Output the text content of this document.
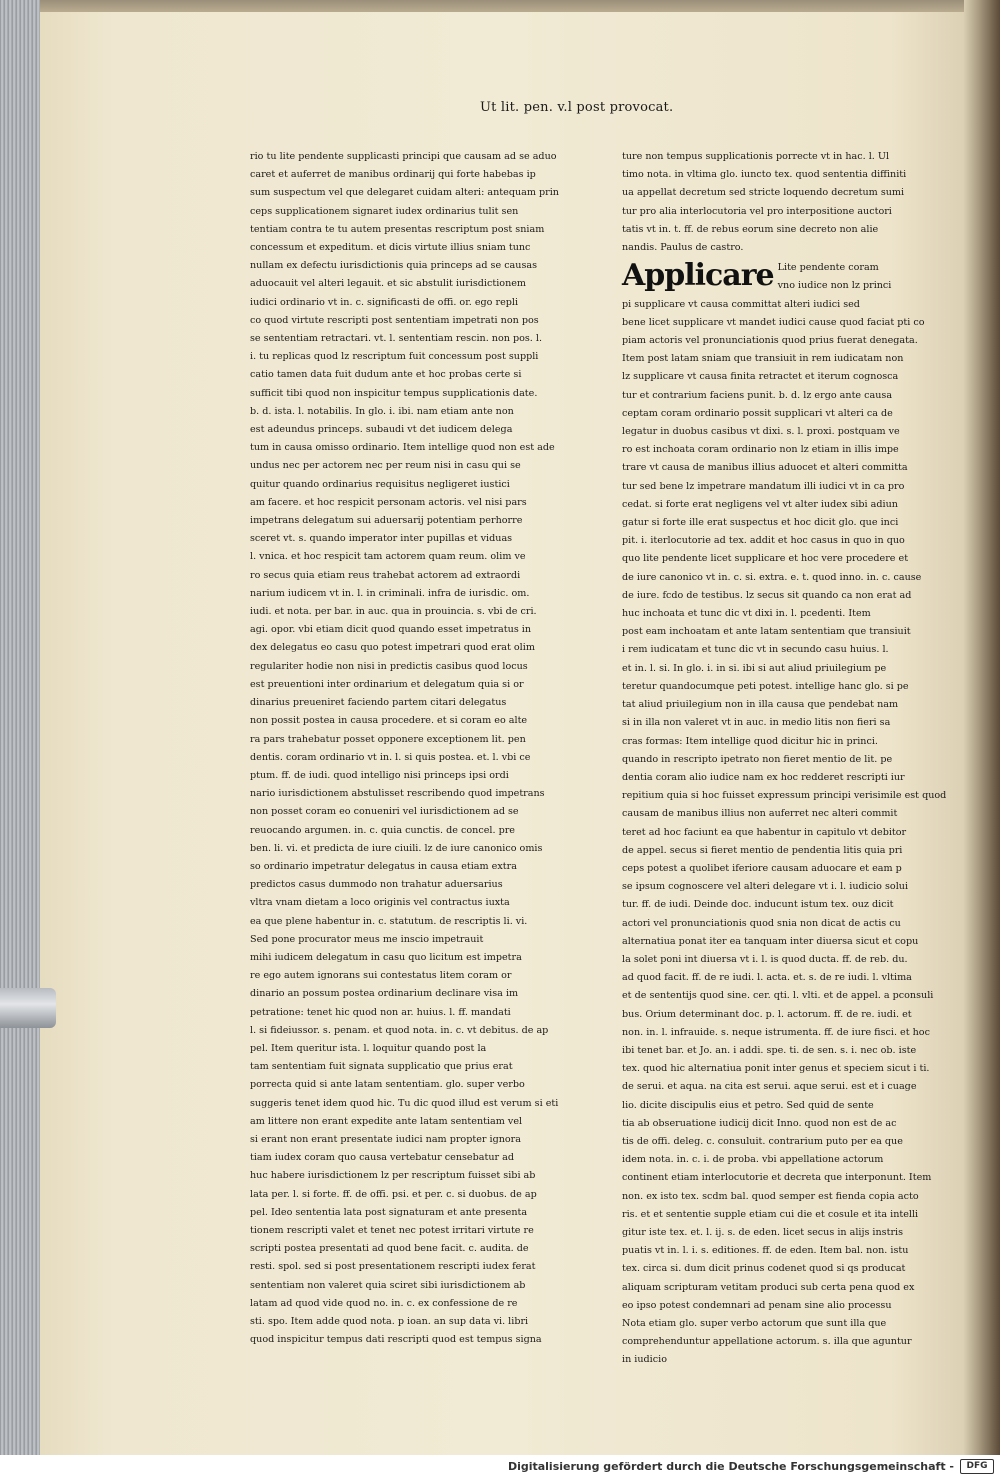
Ut lit. pen. v.l post provocat.

rio tu lite pendente supplicasti principi que causam ad se aduo

caret et auferret de manibus ordinarij qui forte habebas ip

sum suspectum vel que delegaret cuidam alteri: antequam prin

ceps supplicationem signaret iudex ordinarius tulit sen

tentiam contra te tu autem presentas rescriptum post sniam

concessum et expeditum. et dicis virtute illius sniam tunc

nullam ex defectu iurisdictionis quia princeps ad se causas

aduocauit vel alteri legauit. et sic abstulit iurisdictionem

iudici ordinario vt in. c. significasti de offi. or. ego repli

co quod virtute rescripti post sententiam impetrati non pos

se sententiam retractari. vt. l. sententiam rescin. non pos. l.

i. tu replicas quod lz rescriptum fuit concessum post suppli

catio tamen data fuit dudum ante et hoc probas certe si

sufficit tibi quod non inspicitur tempus supplicationis date.

b. d. ista. l. notabilis. In glo. i. ibi. nam etiam ante non

est adeundus princeps. subaudi vt det iudicem delega

tum in causa omisso ordinario. Item intellige quod non est ade

undus nec per actorem nec per reum nisi in casu qui se

quitur quando ordinarius requisitus negligeret iustici

am facere. et hoc respicit personam actoris. vel nisi pars

impetrans delegatum sui aduersarij potentiam perhorre

sceret vt. s. quando imperator inter pupillas et viduas

l. vnica. et hoc respicit tam actorem quam reum. olim ve

ro secus quia etiam reus trahebat actorem ad extraordi

narium iudicem vt in. l. in criminali. infra de iurisdic. om.

iudi. et nota. per bar. in auc. qua in prouincia. s. vbi de cri.

agi. opor. vbi etiam dicit quod quando esset impetratus in

dex delegatus eo casu quo potest impetrari quod erat olim

regulariter hodie non nisi in predictis casibus quod locus

est preuentioni inter ordinarium et delegatum quia si or

dinarius preueniret faciendo partem citari delegatus

non possit postea in causa procedere. et si coram eo alte

ra pars trahebatur posset opponere exceptionem lit. pen

dentis. coram ordinario vt in. l. si quis postea. et. l. vbi ce

ptum. ff. de iudi. quod intelligo nisi princeps ipsi ordi

nario iurisdictionem abstulisset rescribendo quod impetrans

non posset coram eo conueniri vel iurisdictionem ad se

reuocando argumen. in. c. quia cunctis. de concel. pre

ben. li. vi. et predicta de iure ciuili. lz de iure canonico omis

so ordinario impetratur delegatus in causa etiam extra

predictos casus dummodo non trahatur aduersarius

vltra vnam dietam a loco originis vel contractus iuxta

ea que plene habentur in. c. statutum. de rescriptis li. vi.

Sed pone procurator meus me inscio impetrauit

mihi iudicem delegatum in casu quo licitum est impetra

re ego autem ignorans sui contestatus litem coram or

dinario an possum postea ordinarium declinare visa im

petratione: tenet hic quod non ar. huius. l. ff. mandati

l. si fideiussor. s. penam. et quod nota. in. c. vt debitus. de ap

pel. Item queritur ista. l. loquitur quando post la

tam sententiam fuit signata supplicatio que prius erat

porrecta quid si ante latam sententiam. glo. super verbo

suggeris tenet idem quod hic. Tu dic quod illud est verum si eti

am littere non erant expedite ante latam sententiam vel

si erant non erant presentate iudici nam propter ignora

tiam iudex coram quo causa vertebatur censebatur ad

huc habere iurisdictionem lz per rescriptum fuisset sibi ab

lata per. l. si forte. ff. de offi. psi. et per. c. si duobus. de ap

pel. Ideo sententia lata post signaturam et ante presenta

tionem rescripti valet et tenet nec potest irritari virtute re

scripti postea presentati ad quod bene facit. c. audita. de

resti. spol. sed si post presentationem rescripti iudex ferat

sententiam non valeret quia sciret sibi iurisdictionem ab

latam ad quod vide quod no. in. c. ex confessione de re

sti. spo. Item adde quod nota. p ioan. an sup data vi. libri

quod inspicitur tempus dati rescripti quod est tempus signa

ture non tempus supplicationis porrecte vt in hac. l. Ul

timo nota. in vltima glo. iuncto tex. quod sententia diffiniti

ua appellat decretum sed stricte loquendo decretum sumi

tur pro alia interlocutoria vel pro interpositione auctori

tatis vt in. t. ff. de rebus eorum sine decreto non alie

nandis. Paulus de castro.

Applicare Lite pendente coram

vno iudice non lz princi

pi supplicare vt causa committat alteri iudici sed

bene licet supplicare vt mandet iudici cause quod faciat pti co

piam actoris vel pronunciationis quod prius fuerat denegata.

Item post latam sniam que transiuit in rem iudicatam non

lz supplicare vt causa finita retractet et iterum cognosca

tur et contrarium faciens punit. b. d. lz ergo ante causa

ceptam coram ordinario possit supplicari vt alteri ca de

legatur in duobus casibus vt dixi. s. l. proxi. postquam ve

ro est inchoata coram ordinario non lz etiam in illis impe

trare vt causa de manibus illius aduocet et alteri committa

tur sed bene lz impetrare mandatum illi iudici vt in ca pro

cedat. si forte erat negligens vel vt alter iudex sibi adiun

gatur si forte ille erat suspectus et hoc dicit glo. que inci

pit. i. iterlocutorie ad tex. addit et hoc casus in quo in quo

quo lite pendente licet supplicare et hoc vere procedere et

de iure canonico vt in. c. si. extra. e. t. quod inno. in. c. cause

de iure. fcdo de testibus. lz secus sit quando ca non erat ad

huc inchoata et tunc dic vt dixi in. l. pcedenti. Item

post eam inchoatam et ante latam sententiam que transiuit

i rem iudicatam et tunc dic vt in secundo casu huius. l.

et in. l. si. In glo. i. in si. ibi si aut aliud priuilegium pe

teretur quandocumque peti potest. intellige hanc glo. si pe

tat aliud priuilegium non in illa causa que pendebat nam

si in illa non valeret vt in auc. in medio litis non fieri sa

cras formas: Item intellige quod dicitur hic in princi.

quando in rescripto ipetrato non fieret mentio de lit. pe

dentia coram alio iudice nam ex hoc redderet rescripti iur

repitium quia si hoc fuisset expressum principi verisimile est quod

causam de manibus illius non auferret nec alteri commit

teret ad hoc faciunt ea que habentur in capitulo vt debitor

de appel. secus si fieret mentio de pendentia litis quia pri

ceps potest a quolibet iferiore causam aduocare et eam p

se ipsum cognoscere vel alteri delegare vt i. l. iudicio solui

tur. ff. de iudi. Deinde doc. inducunt istum tex. ouz dicit

actori vel pronunciationis quod snia non dicat de actis cu

alternatiua ponat iter ea tanquam inter diuersa sicut et copu

la solet poni int diuersa vt i. l. is quod ducta. ff. de reb. du.

ad quod facit. ff. de re iudi. l. acta. et. s. de re iudi. l. vltima

et de sententijs quod sine. cer. qti. l. vlti. et de appel. a pconsuli

bus. Orium determinant doc. p. l. actorum. ff. de re. iudi. et

non. in. l. infrauide. s. neque istrumenta. ff. de iure fisci. et hoc

ibi tenet bar. et Jo. an. i addi. spe. ti. de sen. s. i. nec ob. iste

tex. quod hic alternatiua ponit inter genus et speciem sicut i ti.

de serui. et aqua. na cita est serui. aque serui. est et i cuage

lio. dicite discipulis eius et petro. Sed quid de sente

tia ab obseruatione iudicij dicit Inno. quod non est de ac

tis de offi. deleg. c. consuluit. contrarium puto per ea que

idem nota. in. c. i. de proba. vbi appellatione actorum

continent etiam interlocutorie et decreta que interponunt. Item

non. ex isto tex. scdm bal. quod semper est fienda copia acto

ris. et et sententie supple etiam cui die et cosule et ita intelli

gitur iste tex. et. l. ij. s. de eden. licet secus in alijs instris

puatis vt in. l. i. s. editiones. ff. de eden. Item bal. non. istu

tex. circa si. dum dicit prinus codenet quod si qs producat

aliquam scripturam vetitam produci sub certa pena quod ex

eo ipso potest condemnari ad penam sine alio processu

Nota etiam glo. super verbo actorum que sunt illa que

comprehenduntur appellatione actorum. s. illa que aguntur

in iudicio

Digitalisierung gefördert durch die Deutsche Forschungsgemeinschaft -	DFG
